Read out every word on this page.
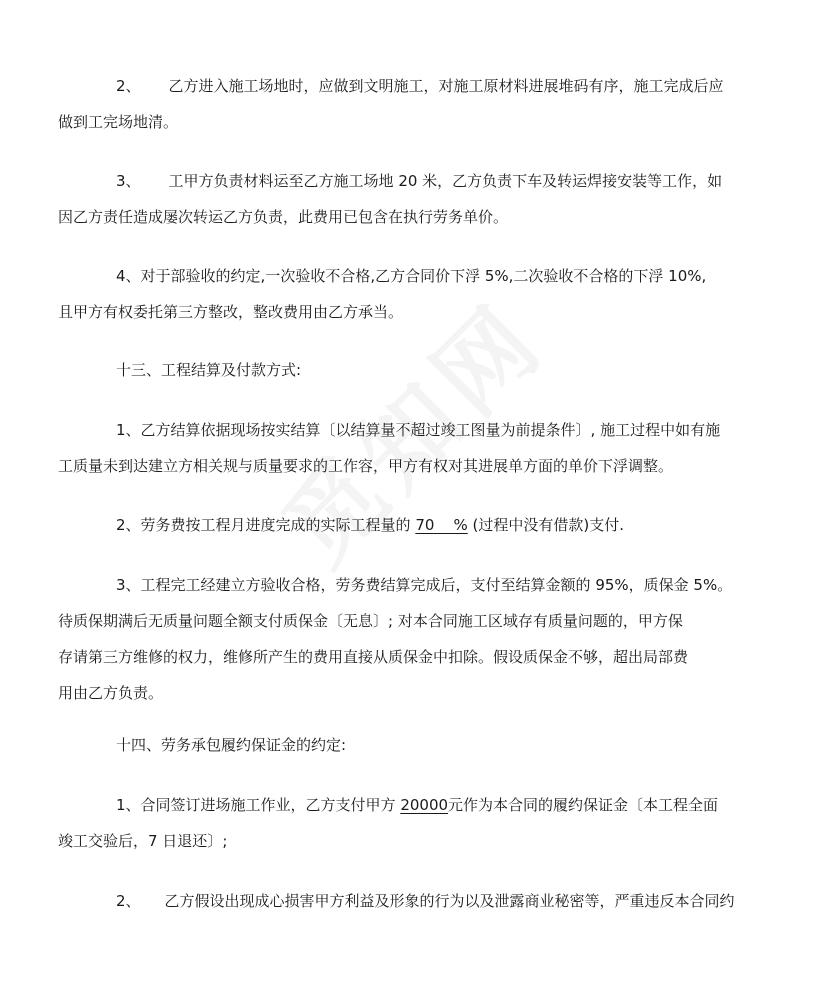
2、 乙方进入施工场地时，应做到文明施工，对施工原材料进展堆码有序，施工完成后应
做到工完场地清。
3、 工甲方负责材料运至乙方施工场地 20 米，乙方负责下车及转运焊接安装等工作，如
因乙方责任造成屡次转运乙方负责，此费用已包含在执行劳务单价。
4、对于部验收的约定,一次验收不合格,乙方合同价下浮 5%,二次验收不合格的下浮 10%,
且甲方有权委托第三方整改，整改费用由乙方承当。
十三、工程结算及付款方式:
1、乙方结算依据现场按实结算〔以结算量不超过竣工图量为前提条件〕, 施工过程中如有施
工质量未到达建立方相关规与质量要求的工作容，甲方有权对其进展单方面的单价下浮调整。
2、劳务费按工程月进度完成的实际工程量的 70    % (过程中没有借款)支付.
3、工程完工经建立方验收合格，劳务费结算完成后，支付至结算金额的 95%，质保金 5%。
待质保期满后无质量问题全额支付质保金〔无息〕; 对本合同施工区域存有质量问题的，甲方保
存请第三方维修的权力，维修所产生的费用直接从质保金中扣除。假设质保金不够，超出局部费
用由乙方负责。
十四、劳务承包履约保证金的约定:
1、合同签订进场施工作业，乙方支付甲方 20000元作为本合同的履约保证金〔本工程全面
竣工交验后，7 日退还〕;
2、 乙方假设出现成心损害甲方利益及形象的行为以及泄露商业秘密等，严重违反本合同约
